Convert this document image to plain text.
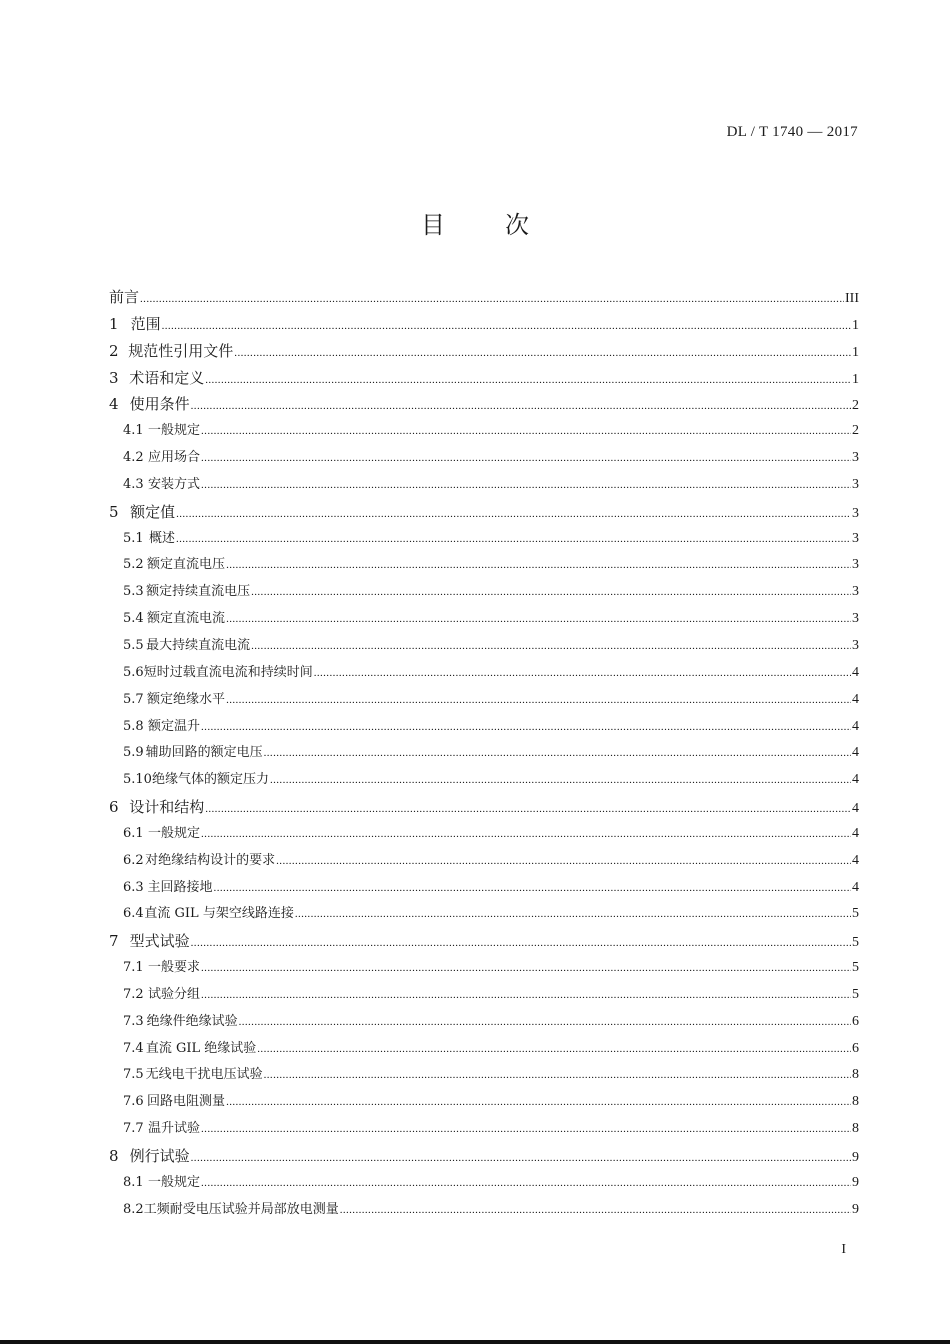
DL / T 1740 — 2017
目	次
前言 .....	III
1 范围 .....	1
2 规范性引用文件 .....	1
3 术语和定义 .....	1
4 使用条件 .....	2
4.1 一般规定 .....	2
4.2 应用场合 .....	3
4.3 安装方式 .....	3
5 额定值 .....	3
5.1 概述 .....	3
5.2 额定直流电压 .....	3
5.3 额定持续直流电压 .....	3
5.4 额定直流电流 .....	3
5.5 最大持续直流电流 .....	3
5.6 短时过载直流电流和持续时间 .....	4
5.7 额定绝缘水平 .....	4
5.8 额定温升 .....	4
5.9 辅助回路的额定电压 .....	4
5.10 绝缘气体的额定压力 .....	4
6 设计和结构 .....	4
6.1 一般规定 .....	4
6.2 对绝缘结构设计的要求 .....	4
6.3 主回路接地 .....	4
6.4 直流 GIL 与架空线路连接 .....	5
7 型式试验 .....	5
7.1 一般要求 .....	5
7.2 试验分组 .....	5
7.3 绝缘件绝缘试验 .....	6
7.4 直流 GIL 绝缘试验 .....	6
7.5 无线电干扰电压试验 .....	8
7.6 回路电阻测量 .....	8
7.7 温升试验 .....	8
8 例行试验 .....	9
8.1 一般规定 .....	9
8.2 工频耐受电压试验并局部放电测量 .....	9
I
